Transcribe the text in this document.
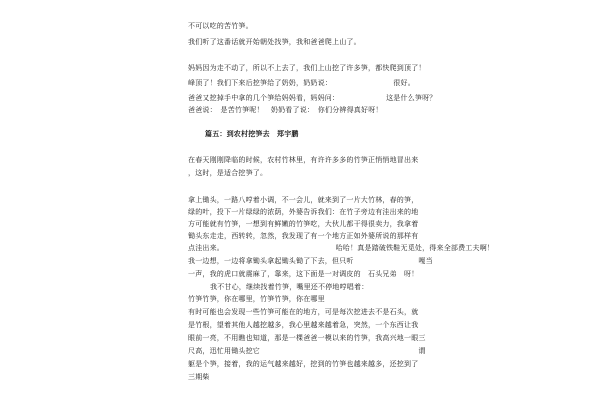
不可以吃的苦竹笋。
我们听了这番话就开始朝处找笋，我和爸爸爬上山了。
妈妈因为走不动了，所以不上去了，我们上山挖了许多笋，都快爬到顶了！
峰顶了！我们下来后挖笋给了奶奶，奶奶说：　　　　　　　　　很好。
爸爸又挖掉手中拿的几个笋给妈妈看，妈妈问：　　　　　　　这是什么笋呀？
爸爸说：　是苦竹笋呢！　奶奶看了说：　你们分辨得真好呀！
篇五：到农村挖笋去　郑宇鹏
在春天刚刚降临的时候，农村竹林里，有许许多多的竹笋正悄悄地冒出来
，这时，是适合挖笋了。
拿上锄头，一路八哼着小调，不一会儿，就来到了一片大竹林，春的笋，
绿的叶，投下一片绿绿的浓荫，外婆告诉我们：在竹子旁边有洼出来的地
方可能就有竹笋，一想到有鲜嫩的竹笋吃，大伙儿都干得很卖力，我拿着
锄头东走走，西转转，忽然，我发现了有一个地方正如外婆所说的那样有
点洼出来。　　　　　　　　　　　　　　　　哈哈！真是踏破铁鞋无觅处，得来全部费工夫啊！
我一边想，一边将拿锄头拿起锄头锄了下去，但只听　　　　　　　　　嘎当
一声，我的虎口就震麻了，靠来，这下面是一对调皮的　石头兄弟　呀！
我不甘心，继续找着竹笋，嘴里还不停地哼唱着：
竹笋竹笋，你在哪里，竹笋竹笋，你在哪里
有时可能也会发现一些竹笋可能在的地方，可是每次挖进去不是石头，就
是竹根，望着其他人越挖越多，我心里越来越着急，突然，一个东西让我
眼前一亮，不用瞧也知道，那是一棵爸爸一模以来的竹笋，我高兴地一眼三
尺高，迅忙用锄头挖它　　　　　　　　　　　　　　　　　　　　　　谓
躯是个笋，接着，我的运气越来越好，挖到的竹笋也越来越多，还挖到了
三期柴
